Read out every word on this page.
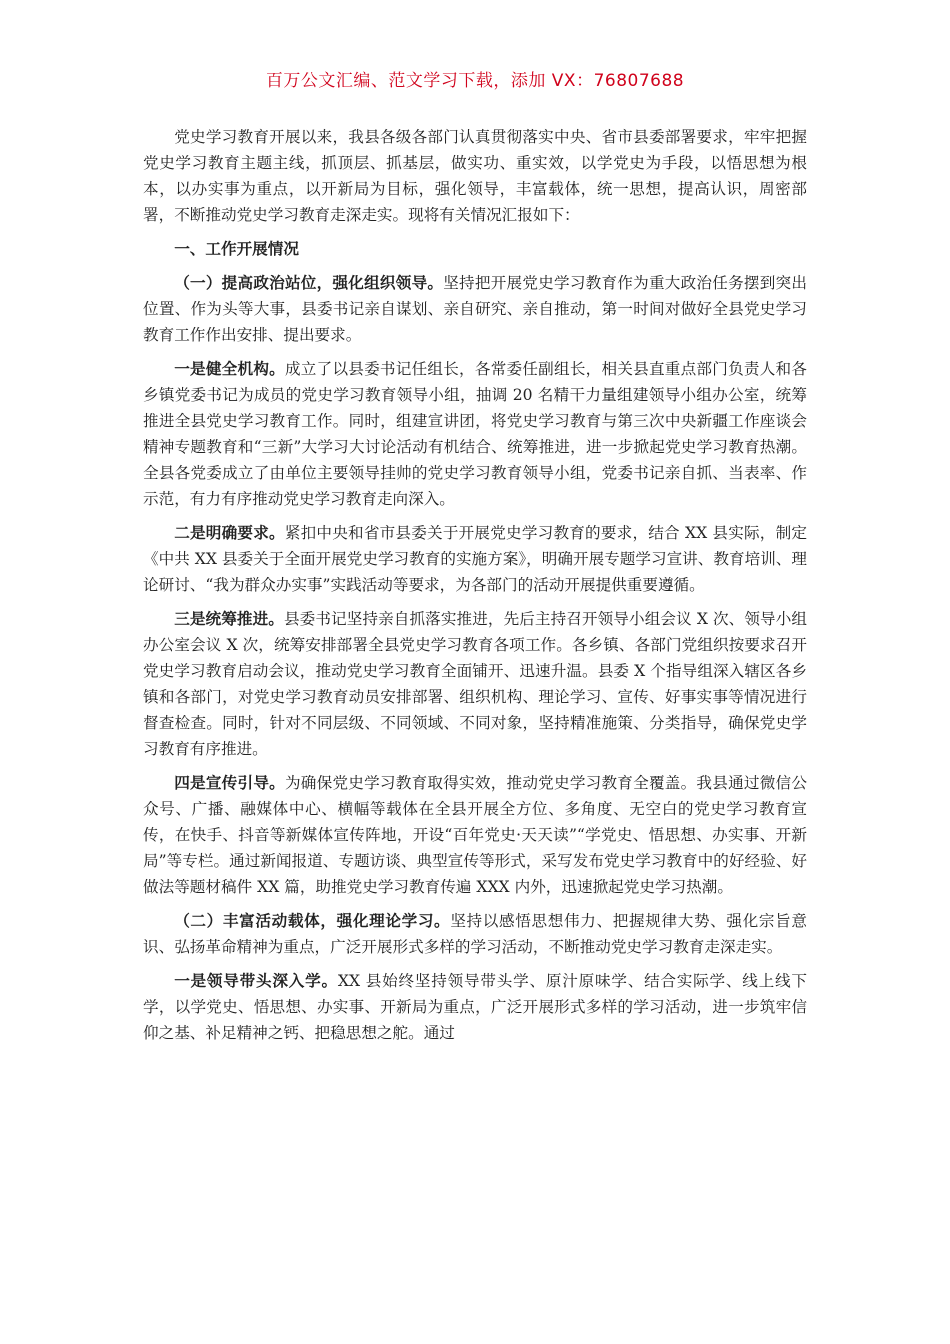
百万公文汇编、范文学习下载，添加 VX：76807688

党史学习教育开展以来，我县各级各部门认真贯彻落实中央、省市县委部署要求，牢牢把握党史学习教育主题主线，抓顶层、抓基层，做实功、重实效，以学党史为手段，以悟思想为根本，以办实事为重点，以开新局为目标，强化领导，丰富载体，统一思想，提高认识，周密部署，不断推动党史学习教育走深走实。现将有关情况汇报如下：

一、工作开展情况

（一）提高政治站位，强化组织领导。坚持把开展党史学习教育作为重大政治任务摆到突出位置、作为头等大事，县委书记亲自谋划、亲自研究、亲自推动，第一时间对做好全县党史学习教育工作作出安排、提出要求。

一是健全机构。成立了以县委书记任组长，各常委任副组长，相关县直重点部门负责人和各乡镇党委书记为成员的党史学习教育领导小组，抽调 20 名精干力量组建领导小组办公室，统筹推进全县党史学习教育工作。同时，组建宣讲团，将党史学习教育与第三次中央新疆工作座谈会精神专题教育和“三新”大学习大讨论活动有机结合、统筹推进，进一步掀起党史学习教育热潮。全县各党委成立了由单位主要领导挂帅的党史学习教育领导小组，党委书记亲自抓、当表率、作示范，有力有序推动党史学习教育走向深入。

二是明确要求。紧扣中央和省市县委关于开展党史学习教育的要求，结合 XX 县实际，制定《中共 XX 县委关于全面开展党史学习教育的实施方案》，明确开展专题学习宣讲、教育培训、理论研讨、“我为群众办实事”实践活动等要求，为各部门的活动开展提供重要遵循。

三是统筹推进。县委书记坚持亲自抓落实推进，先后主持召开领导小组会议 X 次、领导小组办公室会议 X 次，统筹安排部署全县党史学习教育各项工作。各乡镇、各部门党组织按要求召开党史学习教育启动会议，推动党史学习教育全面铺开、迅速升温。县委 X 个指导组深入辖区各乡镇和各部门，对党史学习教育动员安排部署、组织机构、理论学习、宣传、好事实事等情况进行督查检查。同时，针对不同层级、不同领域、不同对象，坚持精准施策、分类指导，确保党史学习教育有序推进。

四是宣传引导。为确保党史学习教育取得实效，推动党史学习教育全覆盖。我县通过微信公众号、广播、融媒体中心、横幅等载体在全县开展全方位、多角度、无空白的党史学习教育宣传，在快手、抖音等新媒体宣传阵地，开设“百年党史·天天读”“学党史、悟思想、办实事、开新局”等专栏。通过新闻报道、专题访谈、典型宣传等形式，采写发布党史学习教育中的好经验、好做法等题材稿件 XX 篇，助推党史学习教育传遍 XXX 内外，迅速掀起党史学习热潮。

（二）丰富活动载体，强化理论学习。坚持以感悟思想伟力、把握规律大势、强化宗旨意识、弘扬革命精神为重点，广泛开展形式多样的学习活动，不断推动党史学习教育走深走实。

一是领导带头深入学。XX 县始终坚持领导带头学、原汁原味学、结合实际学、线上线下学，以学党史、悟思想、办实事、开新局为重点，广泛开展形式多样的学习活动，进一步筑牢信仰之基、补足精神之钙、把稳思想之舵。通过
